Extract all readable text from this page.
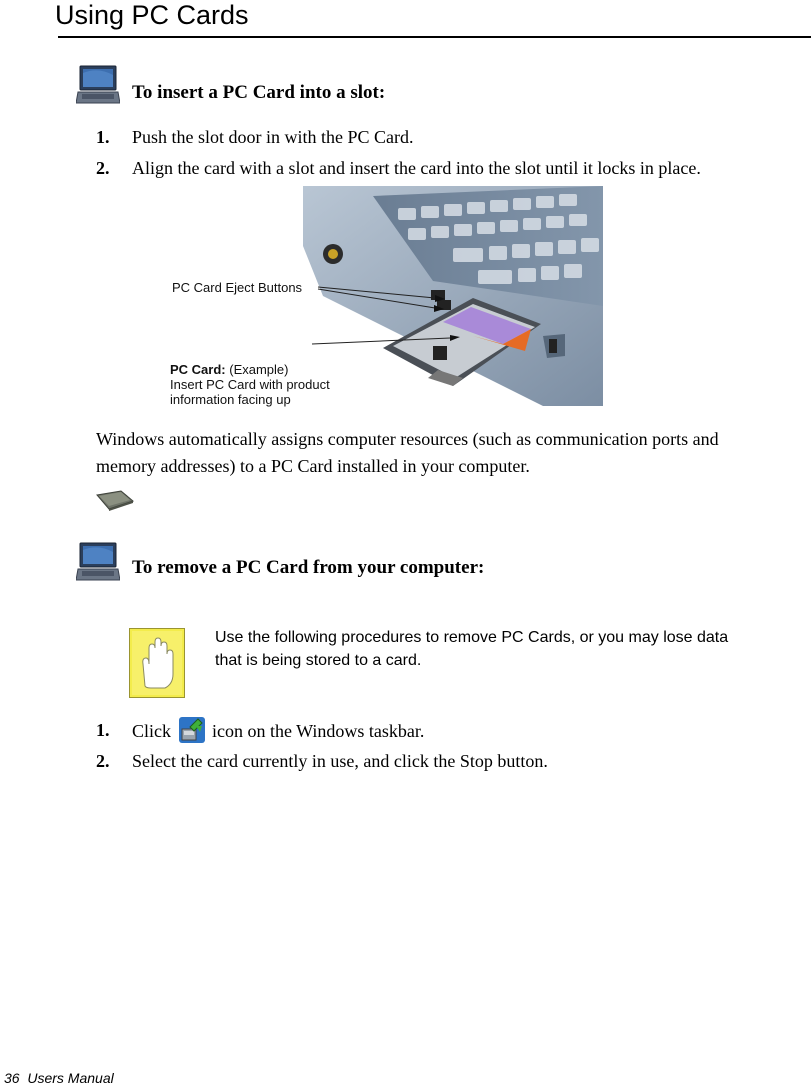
Using PC Cards
To insert a PC Card into a slot:
1. Push the slot door in with the PC Card.
2. Align the card with a slot and insert the card into the slot until it locks in place.
PC Card Eject Buttons
PC Card: (Example)
Insert PC Card with product
information facing up
Windows automatically assigns computer resources (such as communication ports and
memory addresses) to a PC Card installed in your computer.
To remove a PC Card from your computer:
Use the following procedures to remove PC Cards, or you may lose data
that is being stored to a card.
1. Click icon on the Windows taskbar.
2. Select the card currently in use, and click the Stop button.
36  Users Manual
